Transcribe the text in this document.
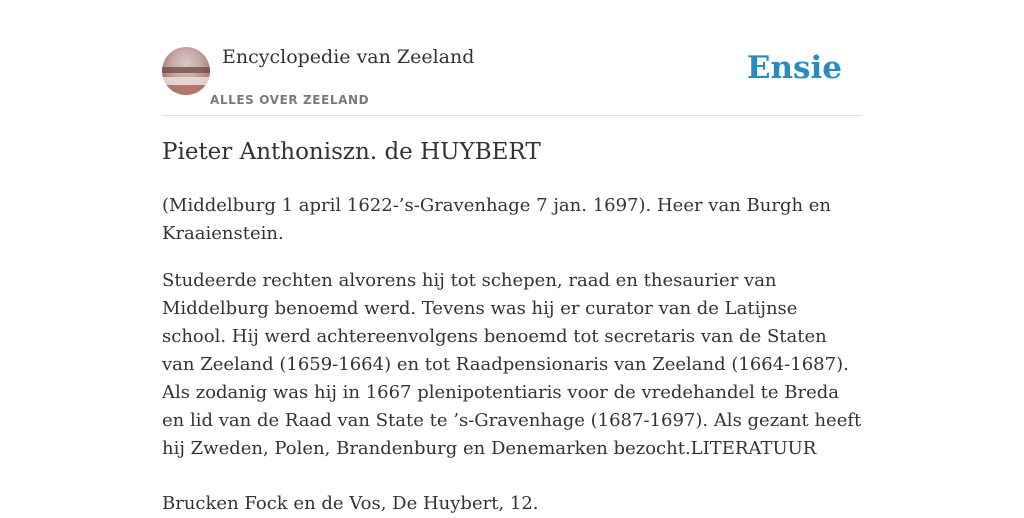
Encyclopedie van Zeeland
ALLES OVER ZEELAND
Ensie
Pieter Anthoniszn. de HUYBERT

(Middelburg 1 april 1622-’s-Gravenhage 7 jan. 1697). Heer van Burgh en Kraaienstein.

Studeerde rechten alvorens hij tot schepen, raad en thesaurier van Middelburg benoemd werd. Tevens was hij er curator van de Latijnse school. Hij werd achtereenvolgens benoemd tot secretaris van de Staten van Zeeland (1659-1664) en tot Raadpensionaris van Zeeland (1664-1687). Als zodanig was hij in 1667 plenipotentiaris voor de vredehandel te Breda en lid van de Raad van State te ’s-Gravenhage (1687-1697). Als gezant heeft hij Zweden, Polen, Brandenburg en Denemarken bezocht.LITERATUUR

Brucken Fock en de Vos, De Huybert, 12.
